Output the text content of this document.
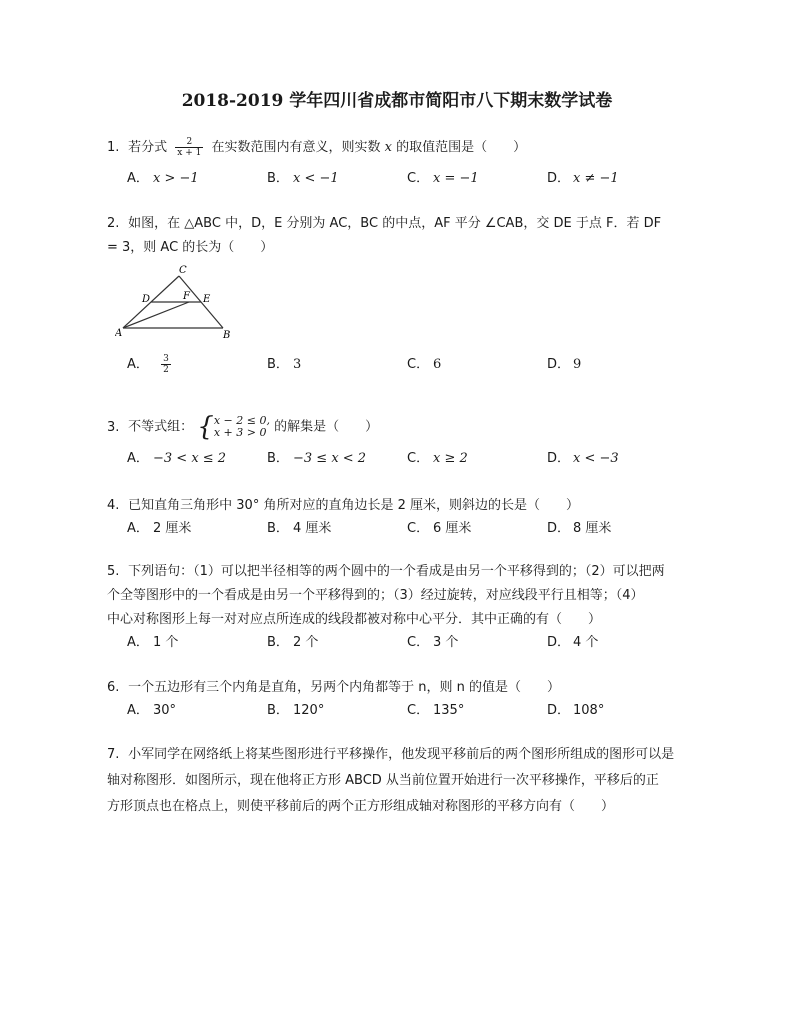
2018-2019 学年四川省成都市简阳市八下期末数学试卷

1. 若分式 $\frac{2}{x + 1}$ 在实数范围内有意义，则实数 x 的取值范围是（　　）

A． x > −1	B． x < −1	C． x = −1	D． x ≠ −1

2. 如图，在 △ABC 中，D，E 分别为 AC，BC 的中点，AF 平分 ∠CAB，交 DE 于点 F．若 DF

= 3，则 AC 的长为（　　）

A	B
C
D	E
F
A． $\frac{3}{2}$	B． 3	C． 6	D． 9

3. 不等式组： { x − 2 ≤ 0,
x + 3 > 0 的解集是（　　）

A． −3 < x ≤ 2	B． −3 ≤ x < 2	C． x ≥ 2	D． x < −3

4. 已知直角三角形中 30° 角所对应的直角边长是 2 厘米，则斜边的长是（　　）

A． 2 厘米	B． 4 厘米	C． 6 厘米	D． 8 厘米

5. 下列语句：（1）可以把半径相等的两个圆中的一个看成是由另一个平移得到的；（2）可以把两

个全等图形中的一个看成是由另一个平移得到的；（3）经过旋转，对应线段平行且相等；（4）

中心对称图形上每一对对应点所连成的线段都被对称中心平分．其中正确的有（　　）

A． 1 个	B． 2 个	C． 3 个	D． 4 个

6. 一个五边形有三个内角是直角，另两个内角都等于 n，则 n 的值是（　　）

A． 30°	B． 120°	C． 135°	D． 108°

7. 小军同学在网络纸上将某些图形进行平移操作，他发现平移前后的两个图形所组成的图形可以是

轴对称图形．如图所示，现在他将正方形 ABCD 从当前位置开始进行一次平移操作，平移后的正

方形顶点也在格点上，则使平移前后的两个正方形组成轴对称图形的平移方向有（　　）
